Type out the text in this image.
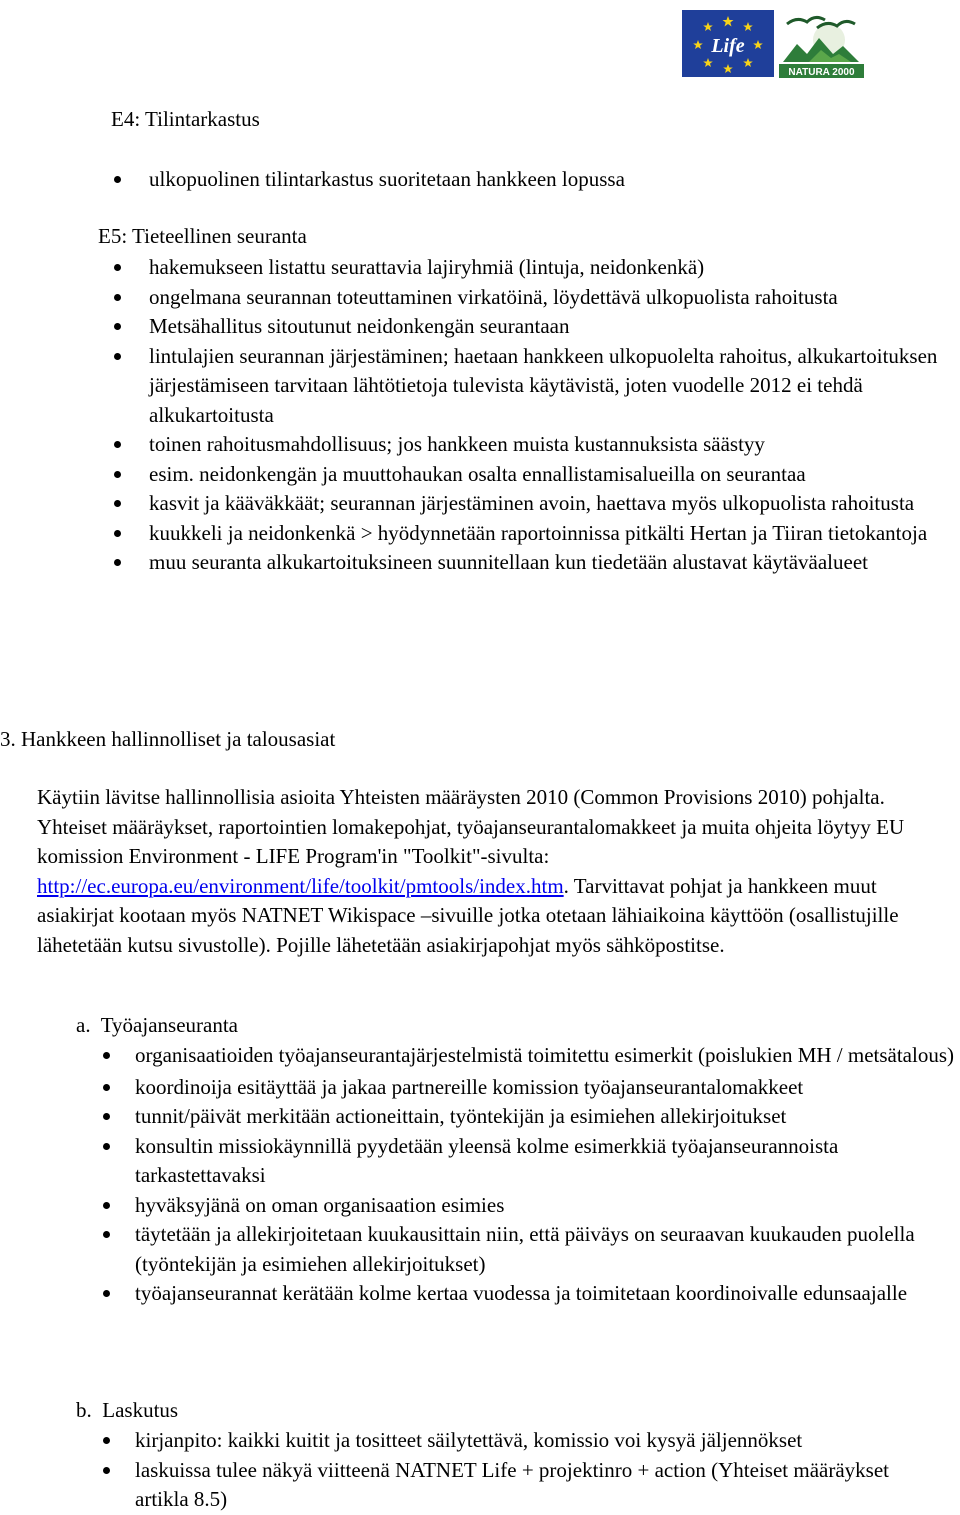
Life
NATURA 2000
E4: Tilintarkastus
ulkopuolinen tilintarkastus suoritetaan hankkeen lopussa
E5: Tieteellinen seuranta
hakemukseen listattu seurattavia lajiryhmiä (lintuja, neidonkenkä)
ongelmana seurannan toteuttaminen virkatöinä, löydettävä ulkopuolista rahoitusta
Metsähallitus sitoutunut neidonkengän seurantaan
lintulajien seurannan järjestäminen; haetaan hankkeen ulkopuolelta rahoitus, alkukartoituksen järjestämiseen tarvitaan lähtötietoja tulevista käytävistä, joten vuodelle 2012 ei tehdä alkukartoitusta
toinen rahoitusmahdollisuus; jos hankkeen muista kustannuksista säästyy
esim. neidonkengän ja muuttohaukan osalta ennallistamisalueilla on seurantaa
kasvit ja kääväkkäät; seurannan järjestäminen avoin, haettava myös ulkopuolista rahoitusta
kuukkeli ja neidonkenkä > hyödynnetään raportoinnissa pitkälti Hertan ja Tiiran tietokantoja
muu seuranta alkukartoituksineen suunnitellaan kun tiedetään alustavat käytäväalueet
3. Hankkeen hallinnolliset ja talousasiat

Käytiin lävitse hallinnollisia asioita Yhteisten määräysten 2010 (Common Provisions 2010) pohjalta. Yhteiset määräykset, raportointien lomakepohjat, työajanseurantalomakkeet ja muita ohjeita löytyy EU komission Environment - LIFE Program'in "Toolkit"-sivulta: http://ec.europa.eu/environment/life/toolkit/pmtools/index.htm. Tarvittavat pohjat ja hankkeen muut asiakirjat kootaan myös NATNET Wikispace –sivuille jotka otetaan lähiaikoina käyttöön (osallistujille lähetetään kutsu sivustolle). Pojille lähetetään asiakirjapohjat myös sähköpostitse.

a.  Työajanseuranta
organisaatioiden työajanseurantajärjestelmistä toimitettu esimerkit (poislukien MH / metsätalous)
koordinoija esitäyttää ja jakaa partnereille komission työajanseurantalomakkeet
tunnit/päivät merkitään actioneittain, työntekijän ja esimiehen allekirjoitukset
konsultin missiokäynnillä pyydetään yleensä kolme esimerkkiä työajanseurannoista tarkastettavaksi
hyväksyjänä on oman organisaation esimies
täytetään ja allekirjoitetaan kuukausittain niin, että päiväys on seuraavan kuukauden puolella (työntekijän ja esimiehen allekirjoitukset)
työajanseurannat kerätään kolme kertaa vuodessa ja toimitetaan koordinoivalle edunsaajalle
b.  Laskutus
kirjanpito: kaikki kuitit ja tositteet säilytettävä, komissio voi kysyä jäljennökset
laskuissa tulee näkyä viitteenä NATNET Life + projektinro + action (Yhteiset määräykset artikla 8.5)
